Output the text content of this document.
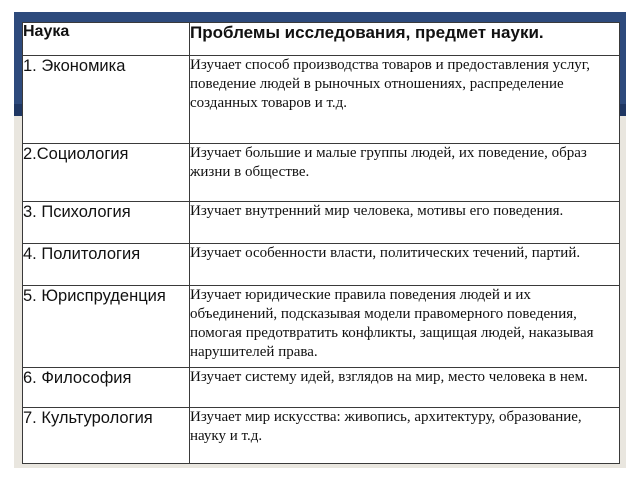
Наука	Проблемы исследования, предмет науки.
1. Экономика	Изучает способ производства товаров и предоставления услуг, поведение людей в рыночных отношениях, распределение созданных товаров и т.д.
2.Социология	Изучает большие и малые группы людей, их поведение, образ жизни в обществе.
3. Психология	Изучает внутренний мир человека, мотивы его поведения.
4. Политология	Изучает особенности власти, политических течений, партий.
5. Юриспруденция	Изучает юридические правила поведения людей и их объединений, подсказывая модели правомерного поведения, помогая предотвратить конфликты, защищая людей, наказывая нарушителей права.
6. Философия	Изучает систему идей, взглядов на мир, место человека в нем.
7. Культурология	Изучает мир искусства: живопись, архитектуру, образование, науку и т.д.
